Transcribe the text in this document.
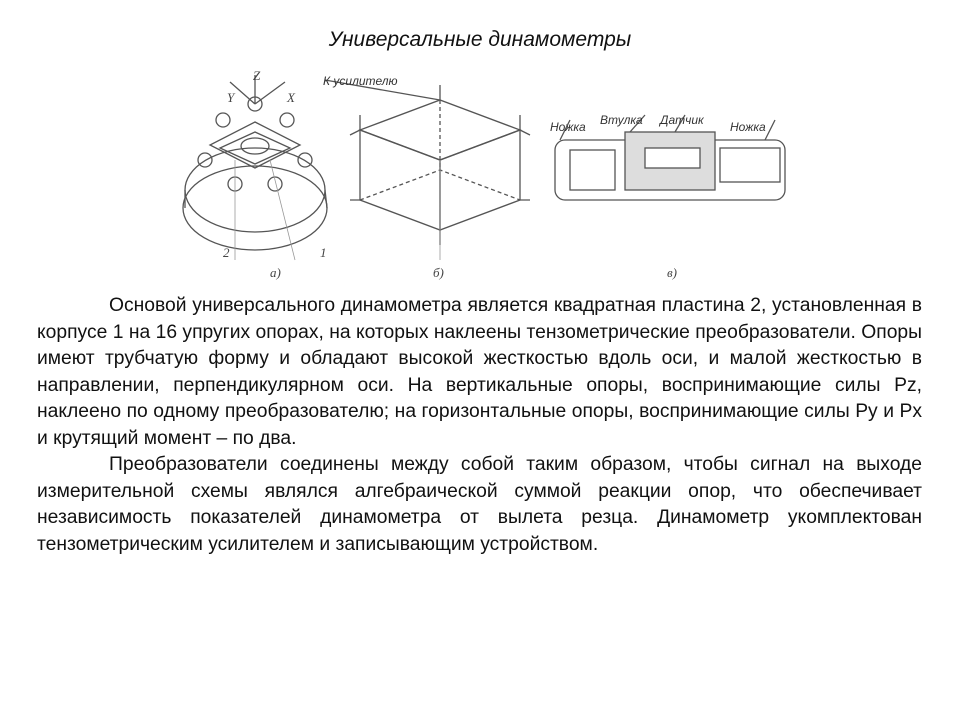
Универсальные динамометры
К усилителю
Ножка Втулка Датчик Ножка
Z
Y	X
2	1
а)	б)	в)

Основой универсального динамометра является квадратная пластина 2, установленная в корпусе 1 на 16 упругих опорах, на которых наклеены тензометрические преобразователи. Опоры имеют трубчатую форму и обладают высокой жесткостью вдоль оси, и малой жесткостью в направлении, перпендикулярном оси. На вертикальные опоры, воспринимающие силы Pz, наклеено по одному преобразователю; на горизонтальные опоры, воспринимающие силы Py и Px и крутящий момент – по два.

Преобразователи соединены между собой таким образом, чтобы сигнал на выходе измерительной схемы являлся алгебраической суммой реакции опор, что обеспечивает независимость показателей динамометра от вылета резца. Динамометр укомплектован тензометрическим усилителем и записывающим устройством.
